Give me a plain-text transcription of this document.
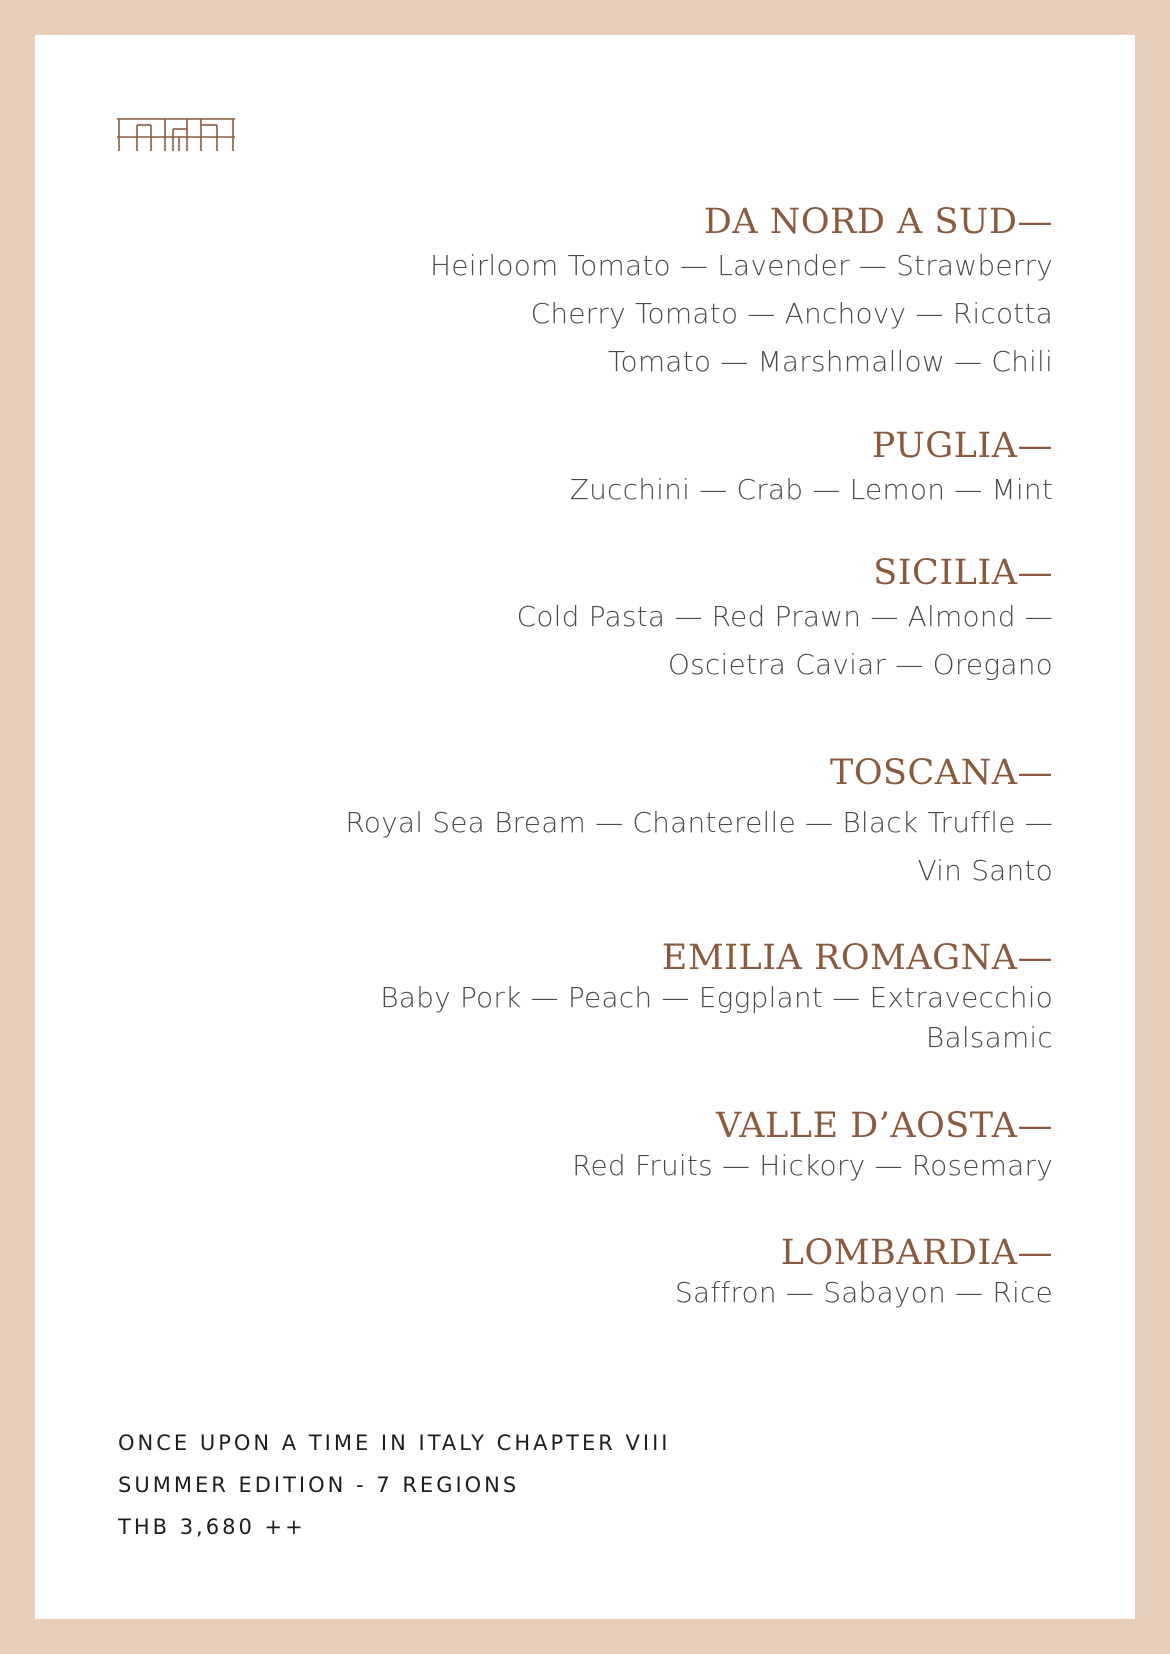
DA NORD A SUD—

Heirloom Tomato — Lavender — Strawberry

Cherry Tomato — Anchovy — Ricotta

Tomato — Marshmallow — Chili

PUGLIA—

Zucchini — Crab — Lemon — Mint

SICILIA—

Cold Pasta — Red Prawn — Almond —

Oscietra Caviar — Oregano

TOSCANA—

Royal Sea Bream — Chanterelle — Black Truffle —

Vin Santo

EMILIA ROMAGNA—

Baby Pork — Peach — Eggplant — Extravecchio

Balsamic

VALLE D’AOSTA—

Red Fruits — Hickory — Rosemary

LOMBARDIA—

Saffron — Sabayon — Rice

ONCE UPON A TIME IN ITALY CHAPTER VIII
SUMMER EDITION - 7 REGIONS
THB 3,680 ++
